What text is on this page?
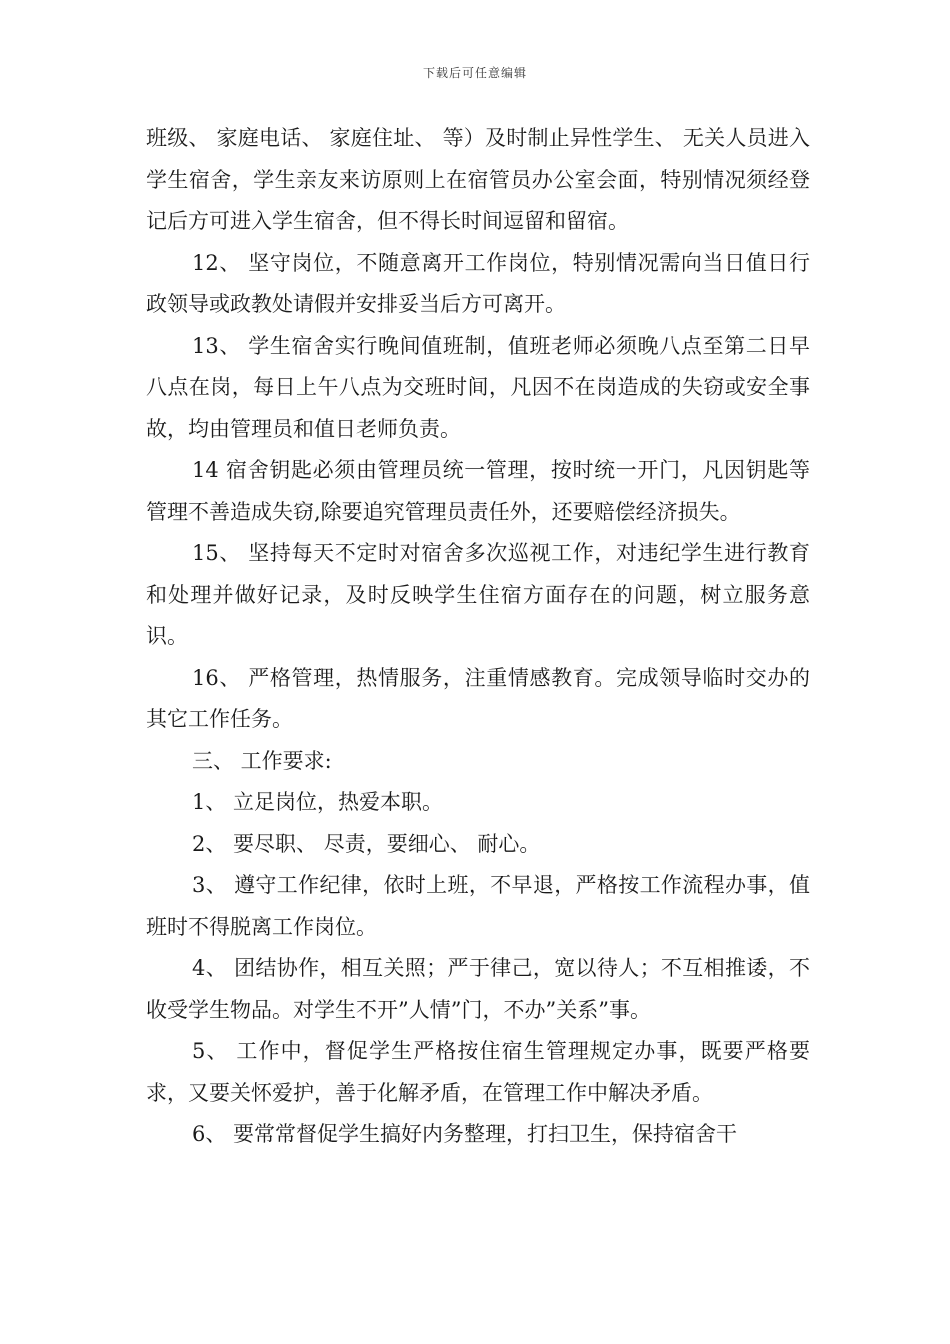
下载后可任意编辑

班级、 家庭电话、 家庭住址、 等）及时制止异性学生、 无关人员进入学生宿舍，学生亲友来访原则上在宿管员办公室会面，特别情况须经登记后方可进入学生宿舍，但不得长时间逗留和留宿。

12、 坚守岗位，不随意离开工作岗位，特别情况需向当日值日行政领导或政教处请假并安排妥当后方可离开。

13、 学生宿舍实行晚间值班制，值班老师必须晚八点至第二日早八点在岗，每日上午八点为交班时间，凡因不在岗造成的失窃或安全事故，均由管理员和值日老师负责。

14 宿舍钥匙必须由管理员统一管理，按时统一开门，凡因钥匙等管理不善造成失窃,除要追究管理员责任外，还要赔偿经济损失。

15、 坚持每天不定时对宿舍多次巡视工作，对违纪学生进行教育和处理并做好记录，及时反映学生住宿方面存在的问题，树立服务意识。

16、 严格管理，热情服务，注重情感教育。完成领导临时交办的其它工作任务。

三、 工作要求:

1、 立足岗位，热爱本职。

2、 要尽职、 尽责，要细心、 耐心。

3、 遵守工作纪律，依时上班，不早退，严格按工作流程办事，值班时不得脱离工作岗位。

4、 团结协作，相互关照；严于律己，宽以待人；不互相推诿，不收受学生物品。对学生不开”人情”门，不办”关系”事。

5、 工作中，督促学生严格按住宿生管理规定办事，既要严格要求，又要关怀爱护，善于化解矛盾，在管理工作中解决矛盾。

6、 要常常督促学生搞好内务整理，打扫卫生，保持宿舍干
